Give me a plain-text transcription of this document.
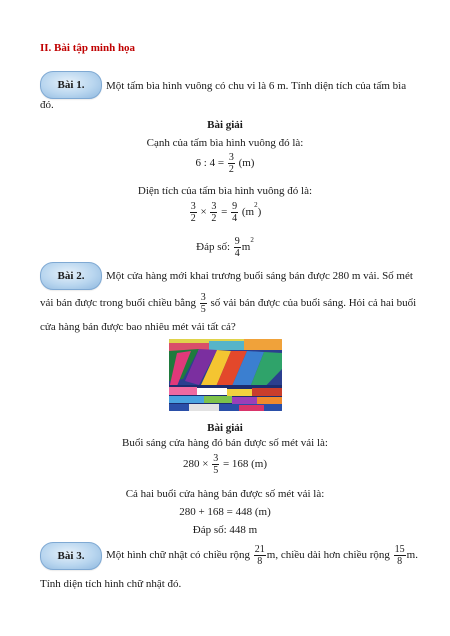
II. Bài tập minh họa
Bài 1.	Một tấm bìa hình vuông có chu vi là 6 m. Tính diện tích của tấm bìa
đó.
Bài giải
Cạnh của tấm bìa hình vuông đó là:
6 : $4 = \frac{3}{2} (m)$
Diện tích của tấm bìa hình vuông đó là:
$\frac{3}{2} \times \frac{3}{2} = \frac{9}{4} (m^2)$
Đáp số: $\frac{9}{4} m^2$
Bài 2.	Một cửa hàng mới khai trương buổi sáng bán được 280 m vải. Số mét
vải bán được trong buổi chiều bằng $\frac{3}{5}$ số vải bán được của buổi sáng. Hỏi cả hai buổi
cửa hàng bán được bao nhiêu mét vải tất cả?
Bài giải
Buổi sáng cửa hàng đó bán được số mét vải là:
$280 \times \frac{3}{5} = 168$ (m)
Cả hai buổi cửa hàng bán được số mét vải là:
280 + 168 = 448 (m)
Đáp số: 448 m
Bài 3.	Một hình chữ nhật có chiều rộng $\frac{21}{8} m$, chiều dài hơn chiều rộng $\frac{15}{8} m$.
Tính diện tích hình chữ nhật đó.
